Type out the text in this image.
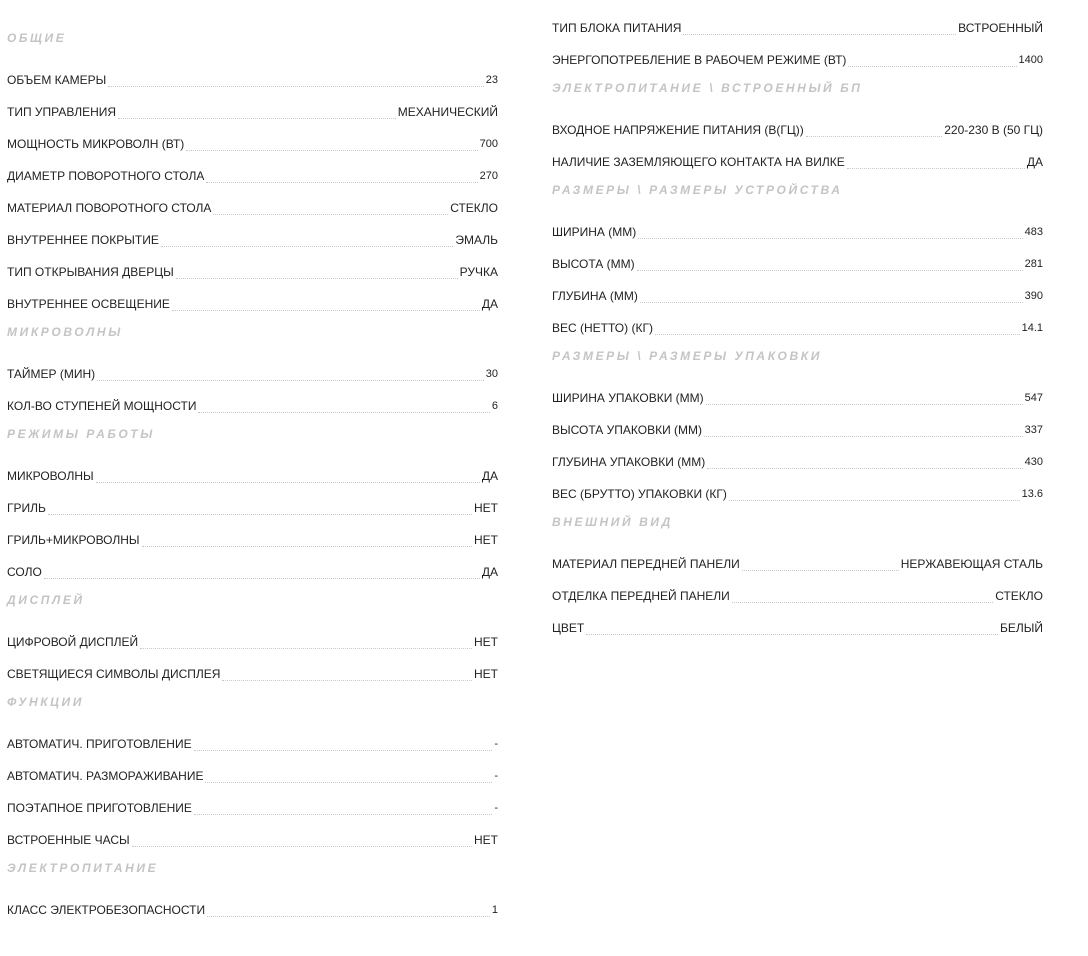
ОБЩИЕ
ОБЪЕМ КАМЕРЫ	23
ТИП УПРАВЛЕНИЯ	МЕХАНИЧЕСКИЙ
МОЩНОСТЬ МИКРОВОЛН (ВТ)	700
ДИАМЕТР ПОВОРОТНОГО СТОЛА	270
МАТЕРИАЛ ПОВОРОТНОГО СТОЛА	СТЕКЛО
ВНУТРЕННЕЕ ПОКРЫТИЕ	ЭМАЛЬ
ТИП ОТКРЫВАНИЯ ДВЕРЦЫ	РУЧКА
ВНУТРЕННЕЕ ОСВЕЩЕНИЕ	ДА
МИКРОВОЛНЫ
ТАЙМЕР (МИН)	30
КОЛ-ВО СТУПЕНЕЙ МОЩНОСТИ	6
РЕЖИМЫ РАБОТЫ
МИКРОВОЛНЫ	ДА
ГРИЛЬ	НЕТ
ГРИЛЬ+МИКРОВОЛНЫ	НЕТ
СОЛО	ДА
ДИСПЛЕЙ
ЦИФРОВОЙ ДИСПЛЕЙ	НЕТ
СВЕТЯЩИЕСЯ СИМВОЛЫ ДИСПЛЕЯ	НЕТ
ФУНКЦИИ
АВТОМАТИЧ. ПРИГОТОВЛЕНИЕ	-
АВТОМАТИЧ. РАЗМОРАЖИВАНИЕ	-
ПОЭТАПНОЕ ПРИГОТОВЛЕНИЕ	-
ВСТРОЕННЫЕ ЧАСЫ	НЕТ
ЭЛЕКТРОПИТАНИЕ
КЛАСС ЭЛЕКТРОБЕЗОПАСНОСТИ	1
ТИП БЛОКА ПИТАНИЯ	ВСТРОЕННЫЙ
ЭНЕРГОПОТРЕБЛЕНИЕ В РАБОЧЕМ РЕЖИМЕ (ВТ)	1400
ЭЛЕКТРОПИТАНИЕ \ ВСТРОЕННЫЙ БП
ВХОДНОЕ НАПРЯЖЕНИЕ ПИТАНИЯ (В(ГЦ))	220-230 В (50 ГЦ)
НАЛИЧИЕ ЗАЗЕМЛЯЮЩЕГО КОНТАКТА НА ВИЛКЕ	ДА
РАЗМЕРЫ \ РАЗМЕРЫ УСТРОЙСТВА
ШИРИНА (ММ)	483
ВЫСОТА (ММ)	281
ГЛУБИНА (ММ)	390
ВЕС (НЕТТО) (КГ)	14.1
РАЗМЕРЫ \ РАЗМЕРЫ УПАКОВКИ
ШИРИНА УПАКОВКИ (ММ)	547
ВЫСОТА УПАКОВКИ (ММ)	337
ГЛУБИНА УПАКОВКИ (ММ)	430
ВЕС (БРУТТО) УПАКОВКИ (КГ)	13.6
ВНЕШНИЙ ВИД
МАТЕРИАЛ ПЕРЕДНЕЙ ПАНЕЛИ	НЕРЖАВЕЮЩАЯ СТАЛЬ
ОТДЕЛКА ПЕРЕДНЕЙ ПАНЕЛИ	СТЕКЛО
ЦВЕТ	БЕЛЫЙ
